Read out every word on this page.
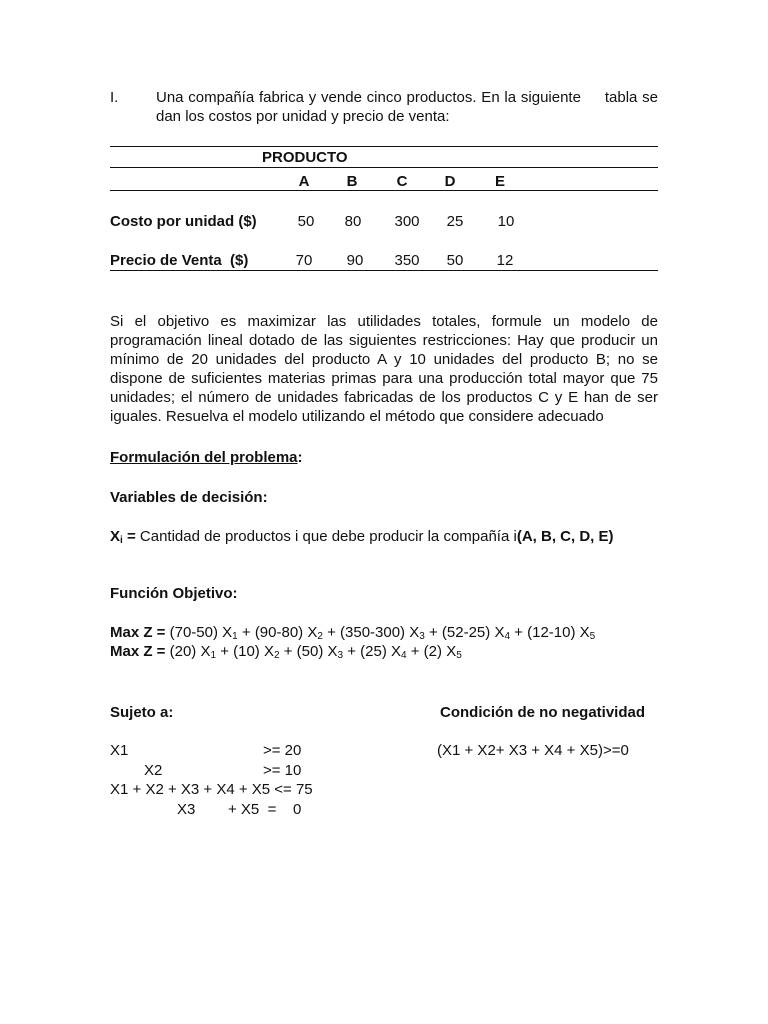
I.	Una compañía fabrica y vende cinco productos. En la siguiente     tabla se dan los costos por unidad y precio de venta:
PRODUCTO
A	B	C	D	E
Costo por unidad ($)	50	80	300	25	10
Precio de Venta  ($)	70	90	350	50	12
Si el objetivo es maximizar las utilidades totales, formule un modelo de programación lineal dotado de las siguientes restricciones: Hay que producir un mínimo de 20 unidades del producto A y 10 unidades del producto B; no se dispone de suficientes materias primas para una producción total mayor que 75 unidades; el número de unidades fabricadas de los productos C y E han de ser iguales. Resuelva el modelo utilizando el método que considere adecuado
Formulación del problema:
Variables de decisión:
$X_i$ = Cantidad de productos i que debe producir la compañía i(A, B, C, D, E)
Función Objetivo:
Max Z = (70-50) $X_1 + (90-80) X_2 + (350-300) X_3 + (52-25) X_4 + (12-10)$ $X_5$
Max Z = (20) $X_1 + (10) X_2 + (50) X_3 + (25) X_4 + (2)$ $X_5$
Sujeto a:	Condición de no negatividad
X1	>= 20	(X1 + X2+ X3 + X4 + X5)>=0
X2	>= 10
X1 + X2 + X3 + X4 + X5 <= 75
X3 + X5  =    0
